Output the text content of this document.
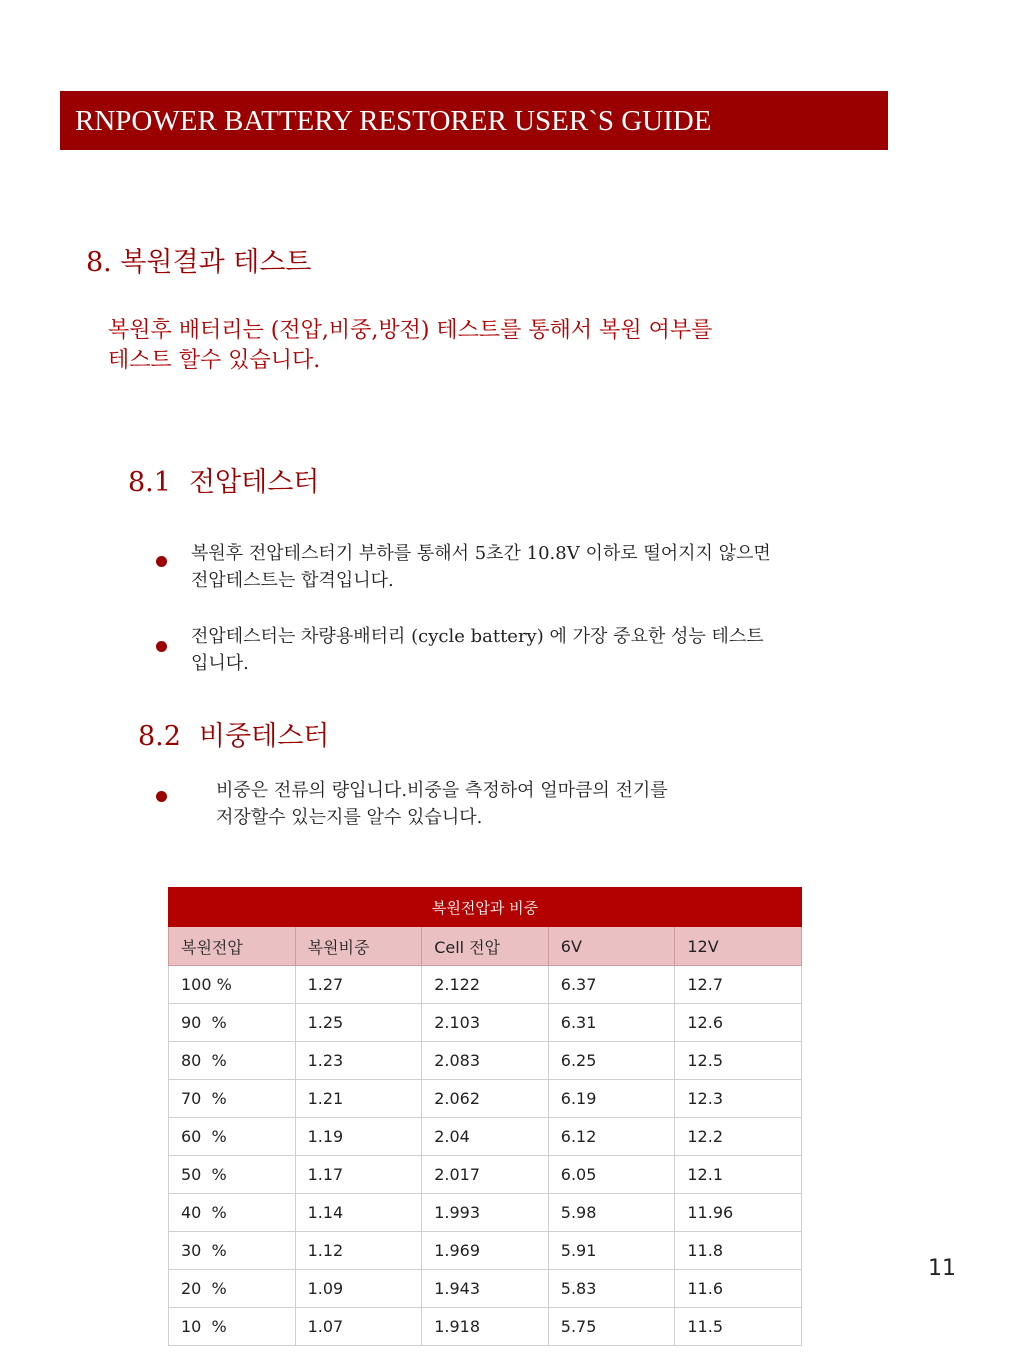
RNPOWER BATTERY RESTORER USER`S GUIDE
8. 복원결과 테스트
복원후 배터리는 (전압,비중,방전) 테스트를 통해서 복원 여부를
테스트 할수 있습니다.
8.1 전압테스터
복원후 전압테스터기 부하를 통해서 5초간 10.8V 이하로 떨어지지 않으면
전압테스트는 합격입니다.
전압테스터는 차량용배터리 (cycle battery) 에 가장 중요한 성능 테스트
입니다.
8.2 비중테스터
비중은 전류의 량입니다.비중을 측정하여 얼마큼의 전기를
저장할수 있는지를 알수 있습니다.
복원전압과 비중				
복원전압	복원비중	Cell 전압	6V	12V
100 %	1.27	2.122	6.37	12.7
90  %	1.25	2.103	6.31	12.6
80  %	1.23	2.083	6.25	12.5
70  %	1.21	2.062	6.19	12.3
60  %	1.19	2.04	6.12	12.2
50  %	1.17	2.017	6.05	12.1
40  %	1.14	1.993	5.98	11.96
30  %	1.12	1.969	5.91	11.8
20  %	1.09	1.943	5.83	11.6
10  %	1.07	1.918	5.75	11.5
11
